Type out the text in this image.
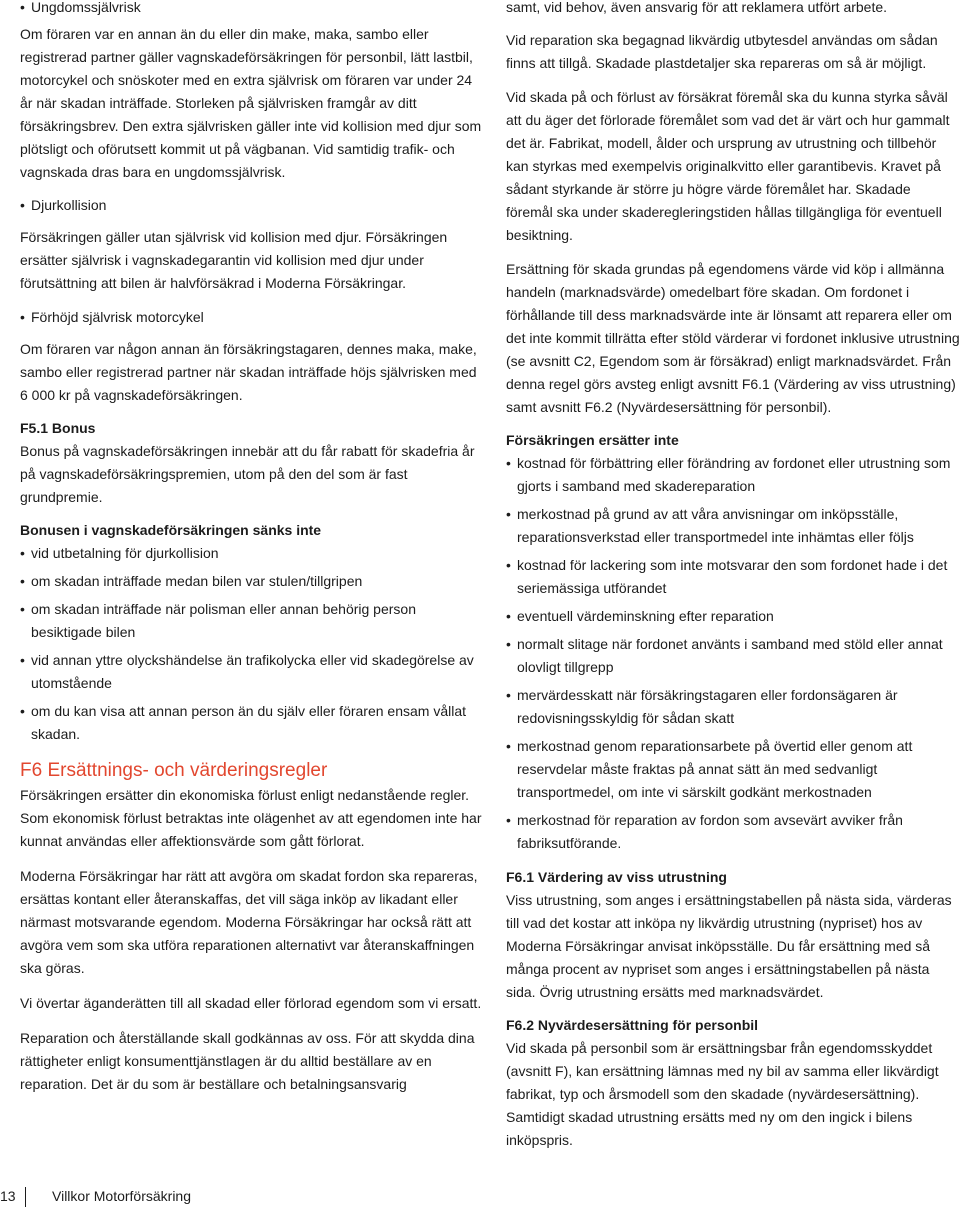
• Ungdomssjälvrisk

Om föraren var en annan än du eller din make, maka, sambo eller registrerad partner gäller vagnskadeförsäkringen för personbil, lätt lastbil, motorcykel och snöskoter med en extra självrisk om föraren var under 24 år när skadan inträffade. Storleken på självrisken framgår av ditt försäkringsbrev. Den extra självrisken gäller inte vid kollision med djur som plötsligt och oförutsett kommit ut på vägbanan. Vid samtidig trafik- och vagnskada dras bara en ungdomssjälvrisk.

• Djurkollision

Försäkringen gäller utan självrisk vid kollision med djur. Försäkringen ersätter självrisk i vagnskadegarantin vid kollision med djur under förutsättning att bilen är halvförsäkrad i Moderna Försäkringar.

• Förhöjd självrisk motorcykel

Om föraren var någon annan än försäkringstagaren, dennes maka, make, sambo eller registrerad partner när skadan inträffade höjs självrisken med 6 000 kr på vagnskadeförsäkringen.

F5.1 Bonus

Bonus på vagnskadeförsäkringen innebär att du får rabatt för skadefria år på vagnskadeförsäkringspremien, utom på den del som är fast grundpremie.

Bonusen i vagnskadeförsäkringen sänks inte

• vid utbetalning för djurkollision

• om skadan inträffade medan bilen var stulen/tillgripen

• om skadan inträffade när polisman eller annan behörig person besiktigade bilen

• vid annan yttre olyckshändelse än trafikolycka eller vid skadegörelse av utomstående

• om du kan visa att annan person än du själv eller föraren ensam vållat skadan.

F6 Ersättnings- och värderingsregler

Försäkringen ersätter din ekonomiska förlust enligt nedanstående regler. Som ekonomisk förlust betraktas inte olägenhet av att egendomen inte har kunnat användas eller affektionsvärde som gått förlorat.

Moderna Försäkringar har rätt att avgöra om skadat fordon ska repareras, ersättas kontant eller återanskaffas, det vill säga inköp av likadant eller närmast motsvarande egendom. Moderna Försäkringar har också rätt att avgöra vem som ska utföra reparationen alternativt var återanskaffningen ska göras.

Vi övertar äganderätten till all skadad eller förlorad egendom som vi ersatt.

Reparation och återställande skall godkännas av oss. För att skydda dina rättigheter enligt konsumenttjänstlagen är du alltid beställare av en reparation. Det är du som är beställare och betalningsansvarig

samt, vid behov, även ansvarig för att reklamera utfört arbete.

Vid reparation ska begagnad likvärdig utbytesdel användas om sådan finns att tillgå. Skadade plastdetaljer ska repareras om så är möjligt.

Vid skada på och förlust av försäkrat föremål ska du kunna styrka såväl att du äger det förlorade föremålet som vad det är värt och hur gammalt det är. Fabrikat, modell, ålder och ursprung av utrustning och tillbehör kan styrkas med exempelvis originalkvitto eller garantibevis. Kravet på sådant styrkande är större ju högre värde föremålet har. Skadade föremål ska under skaderegleringstiden hållas tillgängliga för eventuell besiktning.

Ersättning för skada grundas på egendomens värde vid köp i allmänna handeln (marknadsvärde) omedelbart före skadan. Om fordonet i förhållande till dess marknadsvärde inte är lönsamt att reparera eller om det inte kommit tillrätta efter stöld värderar vi fordonet inklusive utrustning (se avsnitt C2, Egendom som är försäkrad) enligt marknadsvärdet. Från denna regel görs avsteg enligt avsnitt F6.1 (Värdering av viss utrustning) samt avsnitt F6.2 (Nyvärdesersättning för personbil).

Försäkringen ersätter inte

• kostnad för förbättring eller förändring av fordonet eller utrustning som gjorts i samband med skadereparation

• merkostnad på grund av att våra anvisningar om inköpsställe, reparationsverkstad eller transportmedel inte inhämtas eller följs

• kostnad för lackering som inte motsvarar den som fordonet hade i det seriemässiga utförandet

• eventuell värdeminskning efter reparation

• normalt slitage när fordonet använts i samband med stöld eller annat olovligt tillgrepp

• mervärdesskatt när försäkringstagaren eller fordonsägaren är redovisningsskyldig för sådan skatt

• merkostnad genom reparationsarbete på övertid eller genom att reservdelar måste fraktas på annat sätt än med sedvanligt transportmedel, om inte vi särskilt godkänt merkostnaden

• merkostnad för reparation av fordon som avsevärt avviker från fabriksutförande.

F6.1 Värdering av viss utrustning

Viss utrustning, som anges i ersättningstabellen på nästa sida, värderas till vad det kostar att inköpa ny likvärdig utrustning (nypriset) hos av Moderna Försäkringar anvisat inköpsställe. Du får ersättning med så många procent av nypriset som anges i ersättningstabellen på nästa sida. Övrig utrustning ersätts med marknadsvärdet.

F6.2 Nyvärdesersättning för personbil

Vid skada på personbil som är ersättningsbar från egendomsskyddet (avsnitt F), kan ersättning lämnas med ny bil av samma eller likvärdigt fabrikat, typ och årsmodell som den skadade (nyvärdesersättning). Samtidigt skadad utrustning ersätts med ny om den ingick i bilens inköpspris.

13	Villkor Motorförsäkring
